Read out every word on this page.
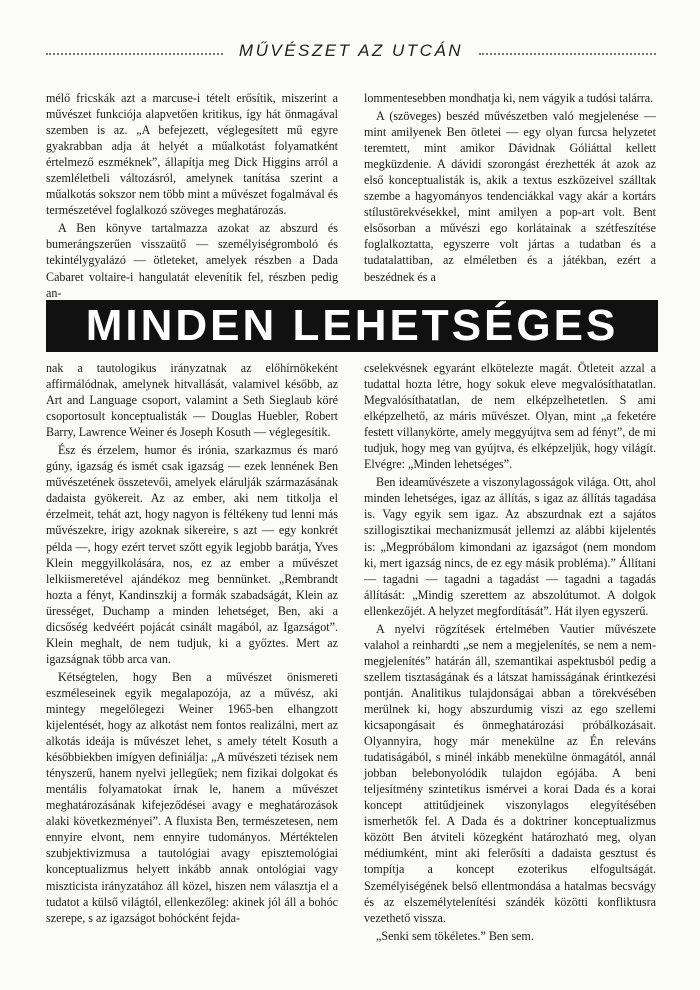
MŰVÉSZET AZ UTCÁN

mélő fricskák azt a marcuse-i tételt erősítik, miszerint a művészet funkciója alapvetően kritikus, így hát önmagával szemben is az. „A befejezett, véglegesített mű egyre gyakrabban adja át helyét a műalkotást folyamatként értelmező eszméknek”, állapítja meg Dick Higgins arról a szemléletbeli változásról, amelynek tanítása szerint a műalkotás sokszor nem több mint a művészet fogalmával és természetével foglalkozó szöveges meghatározás.

A Ben könyve tartalmazza azokat az abszurd és bumerángszerűen visszaütő — személyiségromboló és tekintélygyalázó — ötleteket, amelyek részben a Dada Cabaret voltaire-i hangulatát elevenítik fel, részben pedig an-

lommentesebben mondhatja ki, nem vágyik a tudósi talárra.

A (szöveges) beszéd művészetben való megjelenése — mint amilyenek Ben ötletei — egy olyan furcsa helyzetet teremtett, mint amikor Dávidnak Góliáttal kellett megküzdenie. A dávidi szorongást érezhették át azok az első konceptualisták is, akik a textus eszközeivel szálltak szembe a hagyományos tendenciákkal vagy akár a kortárs stílustörekvésekkel, mint amilyen a pop-art volt. Bent elsősorban a művészi ego korlátainak a szétfeszítése foglalkoztatta, egyszerre volt jártas a tudatban és a tudatalattiban, az elméletben és a játékban, ezért a beszédnek és a

MINDEN LEHETSÉGES

nak a tautologikus irányzatnak az előhírnökeként affirmálódnak, amelynek hitvallását, valamivel később, az Art and Language csoport, valamint a Seth Sieglaub köré csoportosult konceptualisták — Douglas Huebler, Robert Barry, Lawrence Weiner és Joseph Kosuth — véglegesítik.

Ész és érzelem, humor és irónia, szarkazmus és maró gúny, igazság és ismét csak igazság — ezek lennének Ben művészetének összetevői, amelyek elárulják származásának dadaista gyökereit. Az az ember, aki nem titkolja el érzelmeit, tehát azt, hogy nagyon is féltékeny tud lenni más művészekre, irigy azoknak sikereire, s azt — egy konkrét példa —, hogy ezért tervet szőtt egyik legjobb barátja, Yves Klein meggyilkolására, nos, ez az ember a művészet lelkiismeretével ajándékoz meg bennünket. „Rembrandt hozta a fényt, Kandinszkij a formák szabadságát, Klein az ürességet, Duchamp a minden lehetséget, Ben, aki a dicsőség kedvéért pojácát csinált magából, az Igazságot”. Klein meghalt, de nem tudjuk, ki a győztes. Mert az igazságnak több arca van.

Kétségtelen, hogy Ben a művészet önismereti eszméleseinek egyik megalapozója, az a művész, aki mintegy megelőlegezi Weiner 1965-ben elhangzott kijelentését, hogy az alkotást nem fontos realizálni, mert az alkotás ideája is művészet lehet, s amely tételt Kosuth a későbbiekben imígyen definiálja: „A művészeti tézisek nem tényszerű, hanem nyelvi jellegűek; nem fizikai dolgokat és mentális folyamatokat írnak le, hanem a művészet meghatározásának kifejeződései avagy e meghatározások alaki következményei”. A fluxista Ben, természetesen, nem ennyire elvont, nem ennyire tudományos. Mértéktelen szubjektivizmusa a tautológiai avagy episztemológiai konceptualizmus helyett inkább annak ontológiai vagy miszticista irányzatához áll közel, hiszen nem választja el a tudatot a külső világtól, ellenkezőleg: akinek jól áll a bohóc szerepe, s az igazságot bohócként fejda-

cselekvésnek egyaránt elkötelezte magát. Ötleteit azzal a tudattal hozta létre, hogy sokuk eleve megvalósíthatatlan. Megvalósíthatatlan, de nem elképzelhetetlen. S ami elképzelhető, az máris művészet. Olyan, mint „a feketére festett villanykörte, amely meggyújtva sem ad fényt”, de mi tudjuk, hogy meg van gyújtva, és elképzeljük, hogy világít. Elvégre: „Minden lehetséges”.

Ben ideaművészete a viszonylagosságok világa. Ott, ahol minden lehetséges, igaz az állítás, s igaz az állítás tagadása is. Vagy egyik sem igaz. Az abszurdnak ezt a sajátos szillogisztikai mechanizmusát jellemzi az alábbi kijelentés is: „Megpróbálom kimondani az igazságot (nem mondom ki, mert igazság nincs, de ez egy másik probléma).” Állítani — tagadni — tagadni a tagadást — tagadni a tagadás állítását: „Mindig szerettem az abszolútumot. A dolgok ellenkezőjét. A helyzet megfordítását”. Hát ilyen egyszerű.

A nyelvi rögzítések értelmében Vautier művészete valahol a reinhardti „se nem a megjelenítés, se nem a nem-megjelenítés” határán áll, szemantikai aspektusból pedig a szellem tisztaságának és a látszat hamisságának érintkezési pontján. Analitikus tulajdonságai abban a törekvésében merülnek ki, hogy abszurdumig viszi az ego szellemi kicsapongásait és önmeghatározási próbálkozásait. Olyannyira, hogy már menekülne az Én releváns tudatiságából, s minél inkább menekülne önmagától, annál jobban belebonyolódik tulajdon egójába. A beni teljesítmény szintetikus ismérvei a korai Dada és a korai koncept attitűdjeinek viszonylagos elegyítésében ismerhetők fel. A Dada és a doktriner konceptualizmus között Ben átviteli közegként határozható meg, olyan médiumként, mint aki felerősíti a dadaista gesztust és tompítja a koncept ezoterikus elfogultságát. Személyiségének belső ellentmondása a hatalmas becsvágy és az elszemélytelenítési szándék közötti konfliktusra vezethető vissza.

„Senki sem tökéletes.” Ben sem.
